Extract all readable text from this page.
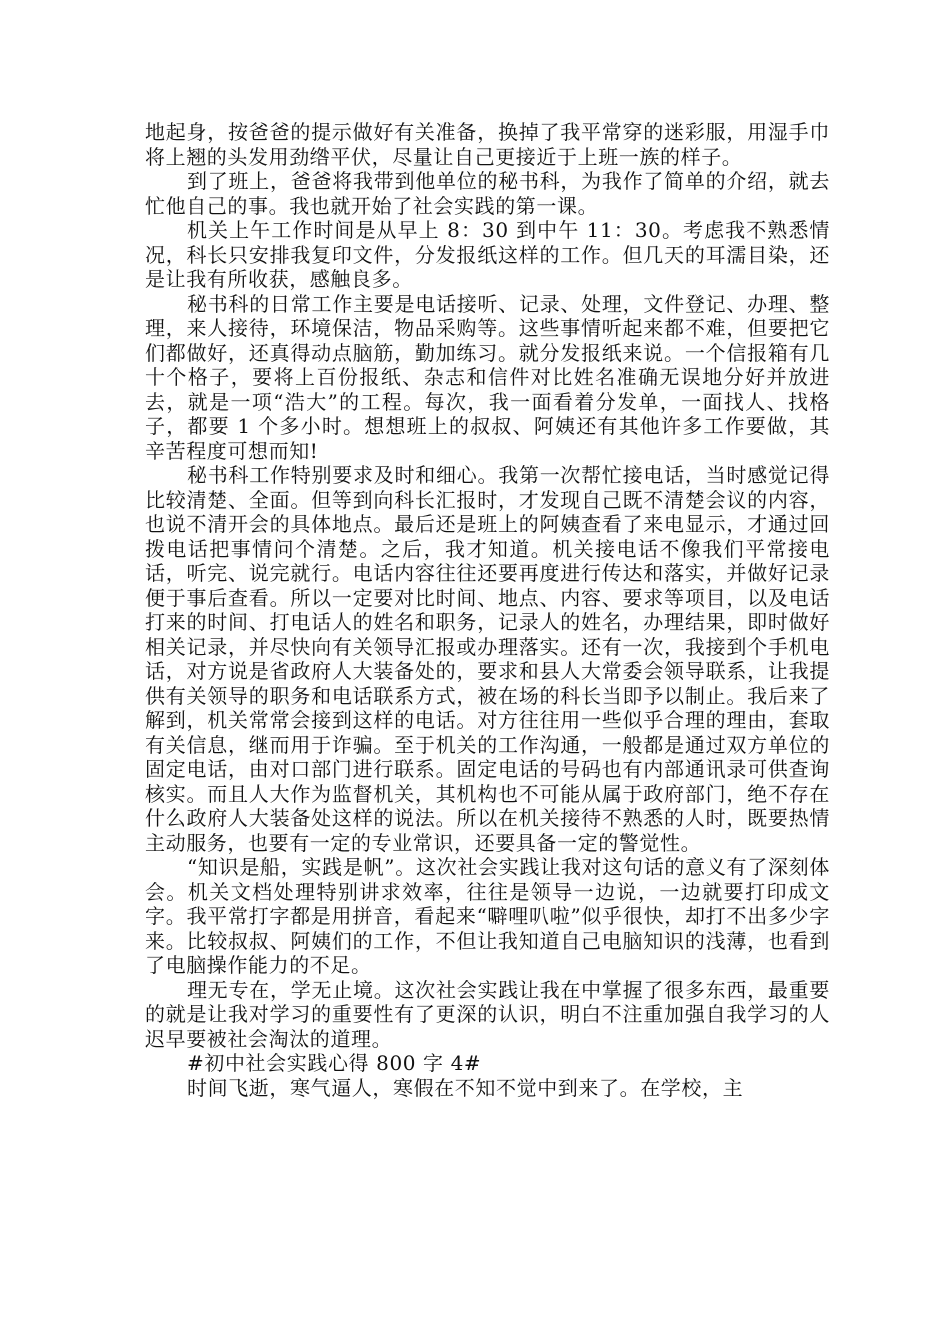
地起身，按爸爸的提示做好有关准备，换掉了我平常穿的迷彩服，用湿手巾将上翘的头发用劲绺平伏，尽量让自己更接近于上班一族的样子。

到了班上，爸爸将我带到他单位的秘书科，为我作了简单的介绍，就去忙他自己的事。我也就开始了社会实践的第一课。

机关上午工作时间是从早上 8：30 到中午 11：30。考虑我不熟悉情况，科长只安排我复印文件，分发报纸这样的工作。但几天的耳濡目染，还是让我有所收获，感触良多。

秘书科的日常工作主要是电话接听、记录、处理，文件登记、办理、整理，来人接待，环境保洁，物品采购等。这些事情听起来都不难，但要把它们都做好，还真得动点脑筋，勤加练习。就分发报纸来说。一个信报箱有几十个格子，要将上百份报纸、杂志和信件对比姓名准确无误地分好并放进去，就是一项“浩大”的工程。每次，我一面看着分发单，一面找人、找格子，都要 1 个多小时。想想班上的叔叔、阿姨还有其他许多工作要做，其辛苦程度可想而知!

秘书科工作特别要求及时和细心。我第一次帮忙接电话，当时感觉记得比较清楚、全面。但等到向科长汇报时，才发现自己既不清楚会议的内容，也说不清开会的具体地点。最后还是班上的阿姨查看了来电显示，才通过回拨电话把事情问个清楚。之后，我才知道。机关接电话不像我们平常接电话，听完、说完就行。电话内容往往还要再度进行传达和落实，并做好记录便于事后查看。所以一定要对比时间、地点、内容、要求等项目，以及电话打来的时间、打电话人的姓名和职务，记录人的姓名，办理结果，即时做好相关记录，并尽快向有关领导汇报或办理落实。还有一次，我接到个手机电话，对方说是省政府人大装备处的，要求和县人大常委会领导联系，让我提供有关领导的职务和电话联系方式，被在场的科长当即予以制止。我后来了解到，机关常常会接到这样的电话。对方往往用一些似乎合理的理由，套取有关信息，继而用于诈骗。至于机关的工作沟通，一般都是通过双方单位的固定电话，由对口部门进行联系。固定电话的号码也有内部通讯录可供查询核实。而且人大作为监督机关，其机构也不可能从属于政府部门，绝不存在什么政府人大装备处这样的说法。所以在机关接待不熟悉的人时，既要热情主动服务，也要有一定的专业常识，还要具备一定的警觉性。

“知识是船，实践是帆”。这次社会实践让我对这句话的意义有了深刻体会。机关文档处理特别讲求效率，往往是领导一边说，一边就要打印成文字。我平常打字都是用拼音，看起来“噼哩叭啦”似乎很快，却打不出多少字来。比较叔叔、阿姨们的工作，不但让我知道自己电脑知识的浅薄，也看到了电脑操作能力的不足。

理无专在，学无止境。这次社会实践让我在中掌握了很多东西，最重要的就是让我对学习的重要性有了更深的认识，明白不注重加强自我学习的人迟早要被社会淘汰的道理。

#初中社会实践心得 800 字 4#

时间飞逝，寒气逼人，寒假在不知不觉中到来了。在学校，主
